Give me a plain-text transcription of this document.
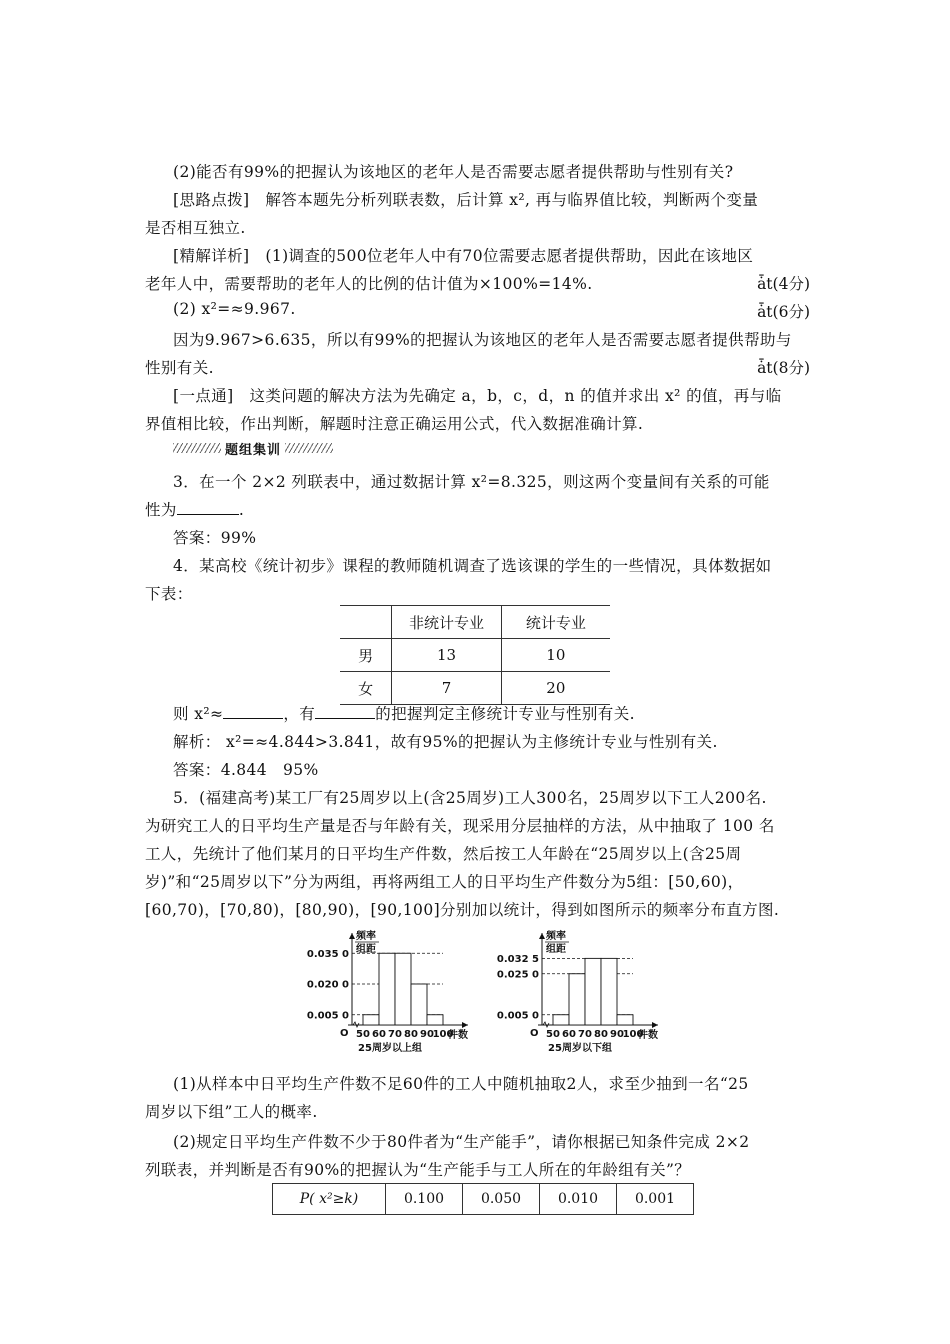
(2)能否有99%的把握认为该地区的老年人是否需要志愿者提供帮助与性别有关?
[思路点拨]　解答本题先分析列联表数，后计算 x², 再与临界值比较，判断两个变量
是否相互独立.
[精解详析]　(1)调查的500位老年人中有70位需要志愿者提供帮助，因此在该地区
老年人中，需要帮助的老年人的比例的估计值为×100%=14%.	ǡt(4分)
(2) x²=≈9.967.	ǡt(6分)
因为9.967>6.635，所以有99%的把握认为该地区的老年人是否需要志愿者提供帮助与
性别有关.	ǡt(8分)
[一点通]　这类问题的解决方法为先确定 a，b，c，d，n 的值并求出 x² 的值，再与临
界值相比较，作出判断，解题时注意正确运用公式，代入数据准确计算.
题组集训
3．在一个 2×2 列联表中，通过数据计算 x²=8.325，则这两个变量间有关系的可能
性为	.
答案：99%
4．某高校《统计初步》课程的教师随机调查了选该课的学生的一些情况，具体数据如
下表：
	非统计专业	统计专业
男	13	10
女	7	20
则 x²≈	，有	的把握判定主修统计专业与性别有关.
解析： x²=≈4.844>3.841，故有95%的把握认为主修统计专业与性别有关.
答案：4.844　95%
5．(福建高考)某工厂有25周岁以上(含25周岁)工人300名，25周岁以下工人200名.
为研究工人的日平均生产量是否与年龄有关，现采用分层抽样的方法，从中抽取了 100 名
工人，先统计了他们某月的日平均生产件数，然后按工人年龄在“25周岁以上(含25周
岁)”和“25周岁以下”分为两组，再将两组工人的日平均生产件数分为5组：[50,60)，
[60,70)，[70,80)，[80,90)，[90,100]分别加以统计，得到如图所示的频率分布直方图.
(1)从样本中日平均生产件数不足60件的工人中随机抽取2人，求至少抽到一名“25
周岁以下组”工人的概率.
(2)规定日平均生产件数不少于80件者为“生产能手”，请你根据已知条件完成 2×2
列联表，并判断是否有90%的把握认为“生产能手与工人所在的年龄组有关”？
P( x²≥k)	0.100	0.050	0.010	0.001
频率
组距
O
0.035 0
0.020 0
0.005 0
50 60 70 80 90
100
件数
25周岁以上组
频率
组距
O
0.032 5
0.025 0
0.005 0
50 60 70 80 90
100
件数
25周岁以下组
